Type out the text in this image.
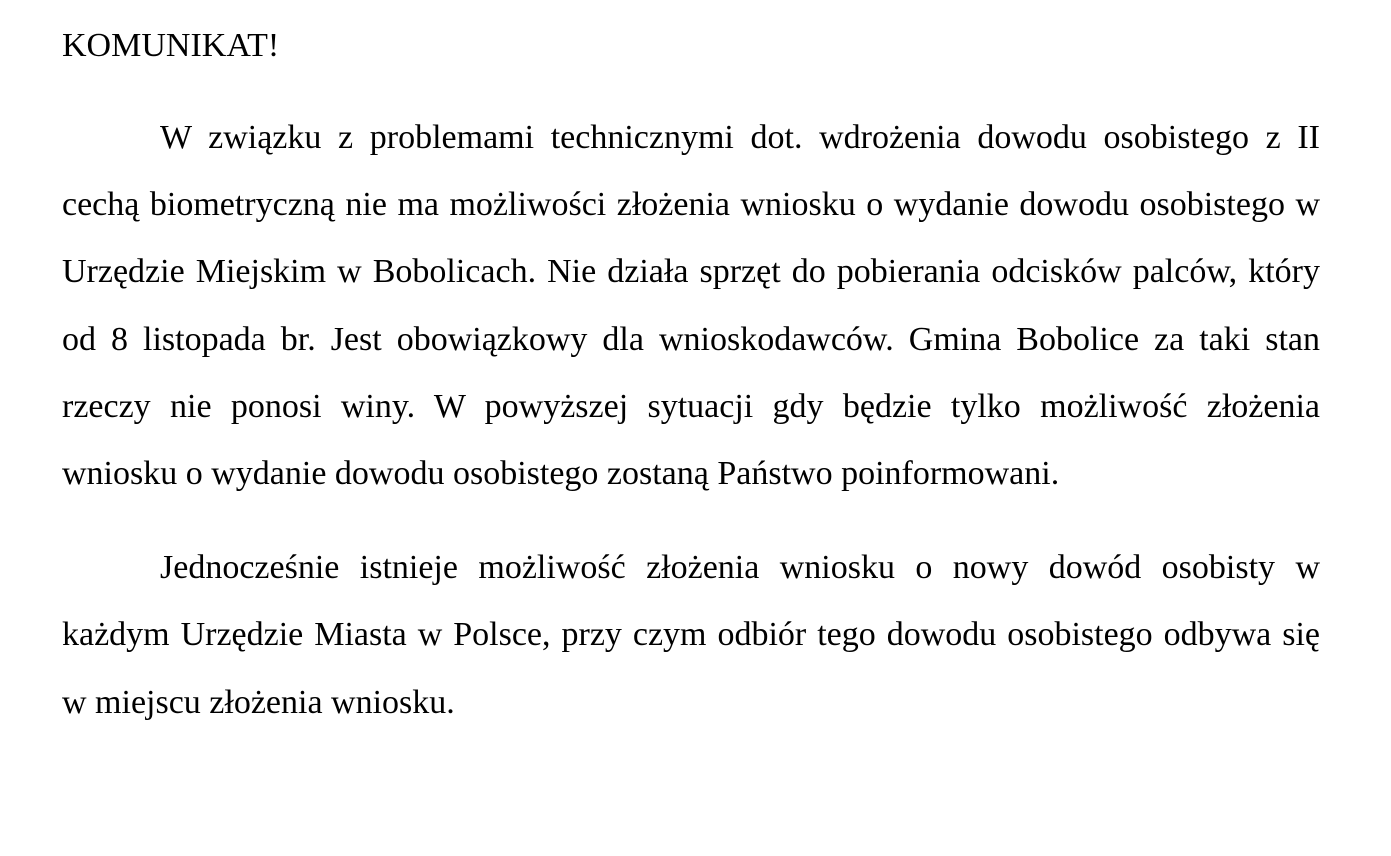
KOMUNIKAT!

W związku z problemami technicznymi dot. wdrożenia dowodu osobistego z II cechą biometryczną nie ma możliwości złożenia wniosku o wydanie dowodu osobistego w Urzędzie Miejskim w Bobolicach. Nie działa sprzęt do pobierania odcisków palców, który od 8 listopada br. Jest obowiązkowy dla wnioskodawców. Gmina Bobolice za taki stan rzeczy nie ponosi winy. W powyższej sytuacji gdy będzie tylko możliwość złożenia wniosku o wydanie dowodu osobistego zostaną Państwo poinformowani.

Jednocześnie istnieje możliwość złożenia wniosku o nowy dowód osobisty w każdym Urzędzie Miasta w Polsce, przy czym odbiór tego dowodu osobistego odbywa się w miejscu złożenia wniosku.
